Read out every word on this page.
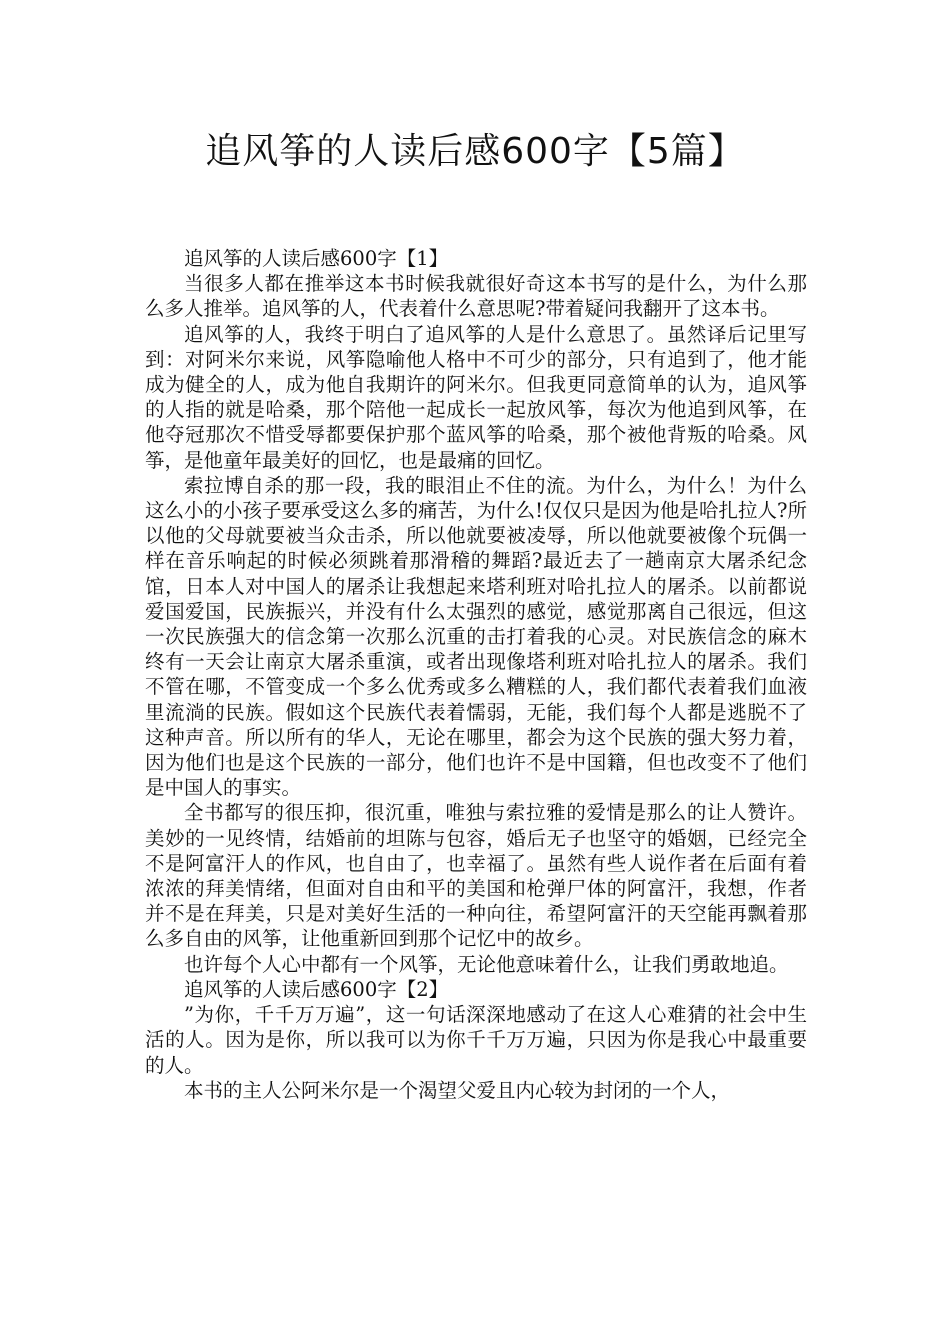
追风筝的人读后感600字【5篇】

追风筝的人读后感600字【1】

当很多人都在推举这本书时候我就很好奇这本书写的是什么，为什么那么多人推举。追风筝的人，代表着什么意思呢?带着疑问我翻开了这本书。

追风筝的人，我终于明白了追风筝的人是什么意思了。虽然译后记里写到：对阿米尔来说，风筝隐喻他人格中不可少的部分，只有追到了，他才能成为健全的人，成为他自我期许的阿米尔。但我更同意简单的认为，追风筝的人指的就是哈桑，那个陪他一起成长一起放风筝，每次为他追到风筝，在他夺冠那次不惜受辱都要保护那个蓝风筝的哈桑，那个被他背叛的哈桑。风筝，是他童年最美好的回忆，也是最痛的回忆。

索拉博自杀的那一段，我的眼泪止不住的流。为什么，为什么！为什么这么小的小孩子要承受这么多的痛苦，为什么!仅仅只是因为他是哈扎拉人?所以他的父母就要被当众击杀，所以他就要被凌辱，所以他就要被像个玩偶一样在音乐响起的时候必须跳着那滑稽的舞蹈?最近去了一趟南京大屠杀纪念馆，日本人对中国人的屠杀让我想起来塔利班对哈扎拉人的屠杀。以前都说爱国爱国，民族振兴，并没有什么太强烈的感觉，感觉那离自己很远，但这一次民族强大的信念第一次那么沉重的击打着我的心灵。对民族信念的麻木终有一天会让南京大屠杀重演，或者出现像塔利班对哈扎拉人的屠杀。我们不管在哪，不管变成一个多么优秀或多么糟糕的人，我们都代表着我们血液里流淌的民族。假如这个民族代表着懦弱，无能，我们每个人都是逃脱不了这种声音。所以所有的华人，无论在哪里，都会为这个民族的强大努力着，因为他们也是这个民族的一部分，他们也许不是中国籍，但也改变不了他们是中国人的事实。

全书都写的很压抑，很沉重，唯独与索拉雅的爱情是那么的让人赞许。美妙的一见终情，结婚前的坦陈与包容，婚后无子也坚守的婚姻，已经完全不是阿富汗人的作风，也自由了，也幸福了。虽然有些人说作者在后面有着浓浓的拜美情绪，但面对自由和平的美国和枪弹尸体的阿富汗，我想，作者并不是在拜美，只是对美好生活的一种向往，希望阿富汗的天空能再飘着那么多自由的风筝，让他重新回到那个记忆中的故乡。

也许每个人心中都有一个风筝，无论他意味着什么，让我们勇敢地追。

追风筝的人读后感600字【2】

”为你，千千万万遍”，这一句话深深地感动了在这人心难猜的社会中生活的人。因为是你，所以我可以为你千千万万遍，只因为你是我心中最重要的人。

本书的主人公阿米尔是一个渴望父爱且内心较为封闭的一个人，
